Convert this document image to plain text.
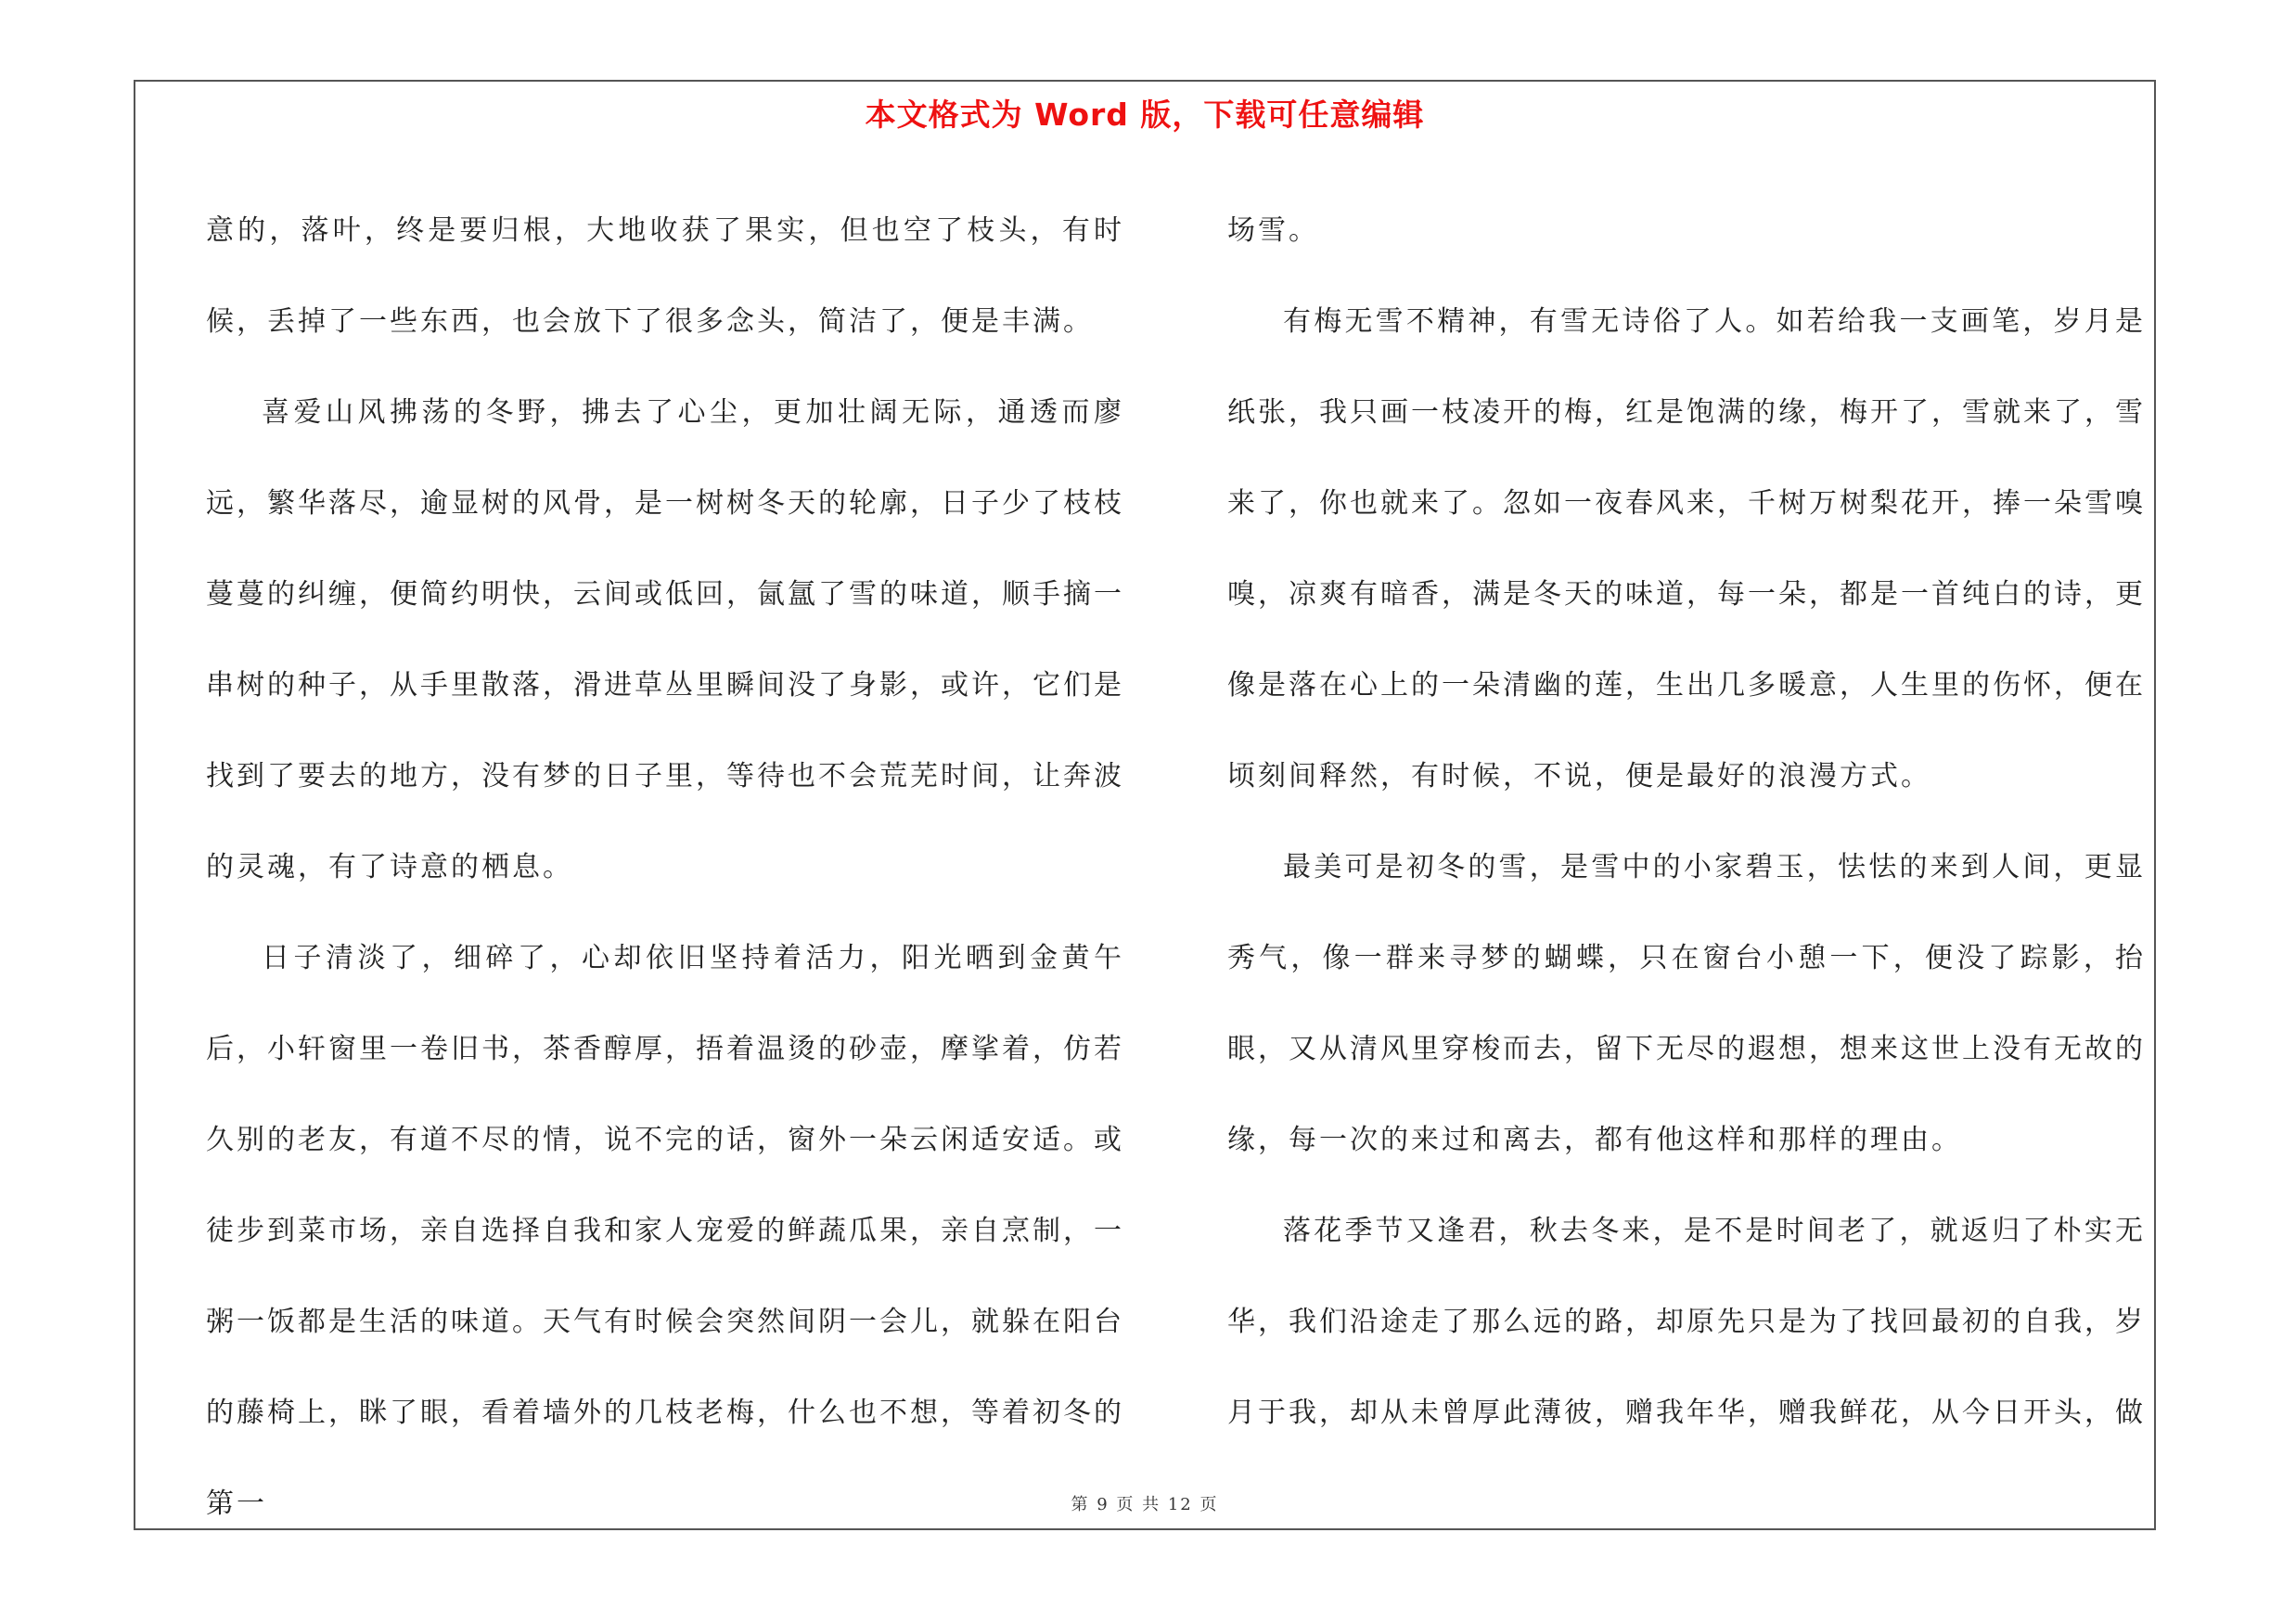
本文格式为 Word 版，下载可任意编辑

意的，落叶，终是要归根，大地收获了果实，但也空了枝头，有时候，丢掉了一些东西，也会放下了很多念头，简洁了，便是丰满。

喜爱山风拂荡的冬野，拂去了心尘，更加壮阔无际，通透而廖远，繁华落尽，逾显树的风骨，是一树树冬天的轮廓，日子少了枝枝蔓蔓的纠缠，便简约明快，云间或低回，氤氲了雪的味道，顺手摘一串树的种子，从手里散落，滑进草丛里瞬间没了身影，或许，它们是找到了要去的地方，没有梦的日子里，等待也不会荒芜时间，让奔波的灵魂，有了诗意的栖息。

日子清淡了，细碎了，心却依旧坚持着活力，阳光晒到金黄午后，小轩窗里一卷旧书，茶香醇厚，捂着温烫的砂壶，摩挲着，仿若久别的老友，有道不尽的情，说不完的话，窗外一朵云闲适安适。或徒步到菜市场，亲自选择自我和家人宠爱的鲜蔬瓜果，亲自烹制，一粥一饭都是生活的味道。天气有时候会突然间阴一会儿，就躲在阳台的藤椅上，眯了眼，看着墙外的几枝老梅，什么也不想，等着初冬的第一

场雪。

有梅无雪不精神，有雪无诗俗了人。如若给我一支画笔，岁月是纸张，我只画一枝凌开的梅，红是饱满的缘，梅开了，雪就来了，雪来了，你也就来了。忽如一夜春风来，千树万树梨花开，捧一朵雪嗅嗅，凉爽有暗香，满是冬天的味道，每一朵，都是一首纯白的诗，更像是落在心上的一朵清幽的莲，生出几多暖意，人生里的伤怀，便在顷刻间释然，有时候，不说，便是最好的浪漫方式。

最美可是初冬的雪，是雪中的小家碧玉，怯怯的来到人间，更显秀气，像一群来寻梦的蝴蝶，只在窗台小憩一下，便没了踪影，抬眼，又从清风里穿梭而去，留下无尽的遐想，想来这世上没有无故的缘，每一次的来过和离去，都有他这样和那样的理由。

落花季节又逢君，秋去冬来，是不是时间老了，就返归了朴实无华，我们沿途走了那么远的路，却原先只是为了找回最初的自我，岁月于我，却从未曾厚此薄彼，赠我年华，赠我鲜花，从今日开头，做

第 9 页 共 12 页
